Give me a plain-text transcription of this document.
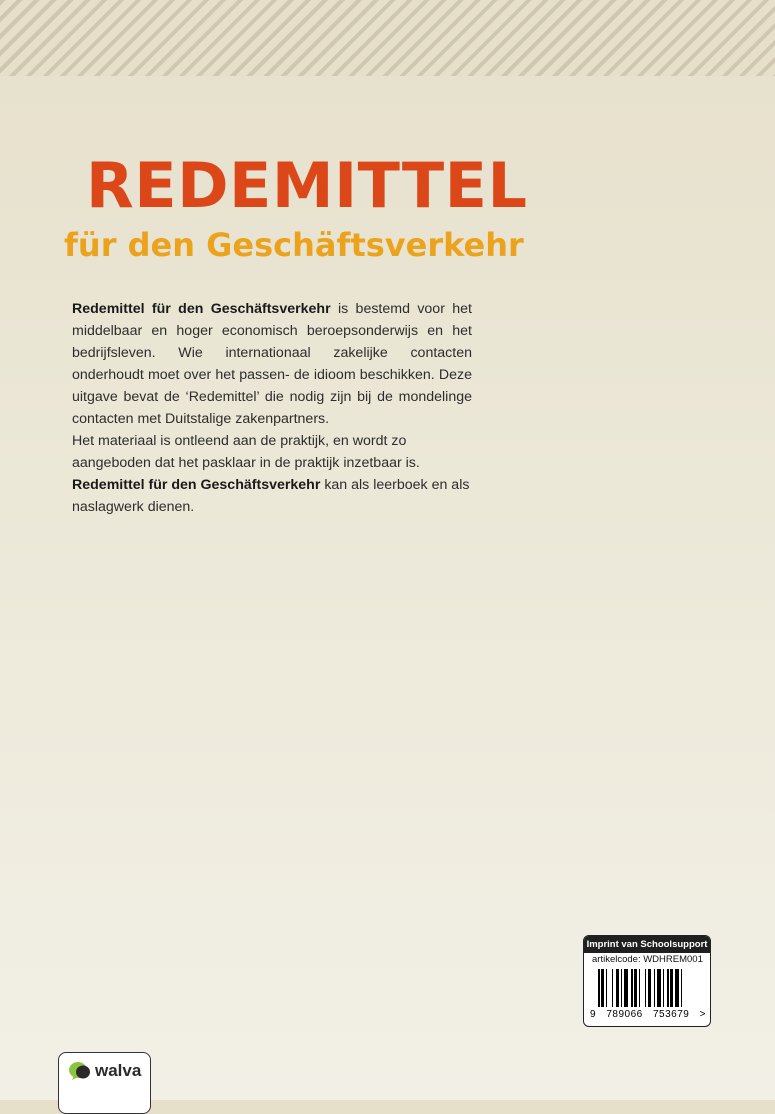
REDEMITTEL
für den Geschäftsverkehr

Redemittel für den Geschäftsverkehr is bestemd voor het middelbaar en hoger economisch beroepsonderwijs en het bedrijfsleven. Wie internationaal zakelijke contacten onderhoudt moet over het passen- de idioom beschikken. Deze uitgave bevat de ‘Redemittel’ die nodig zijn bij de mondelinge contacten met Duitstalige zakenpartners.

Het materiaal is ontleend aan de praktijk, en wordt zo aangeboden dat het pasklaar in de praktijk inzetbaar is. Redemittel für den Geschäftsverkehr kan als leerboek en als naslagwerk dienen.

Imprint van Schoolsupport
artikelcode: WDHREM001
9 789066 753679 >
walva
